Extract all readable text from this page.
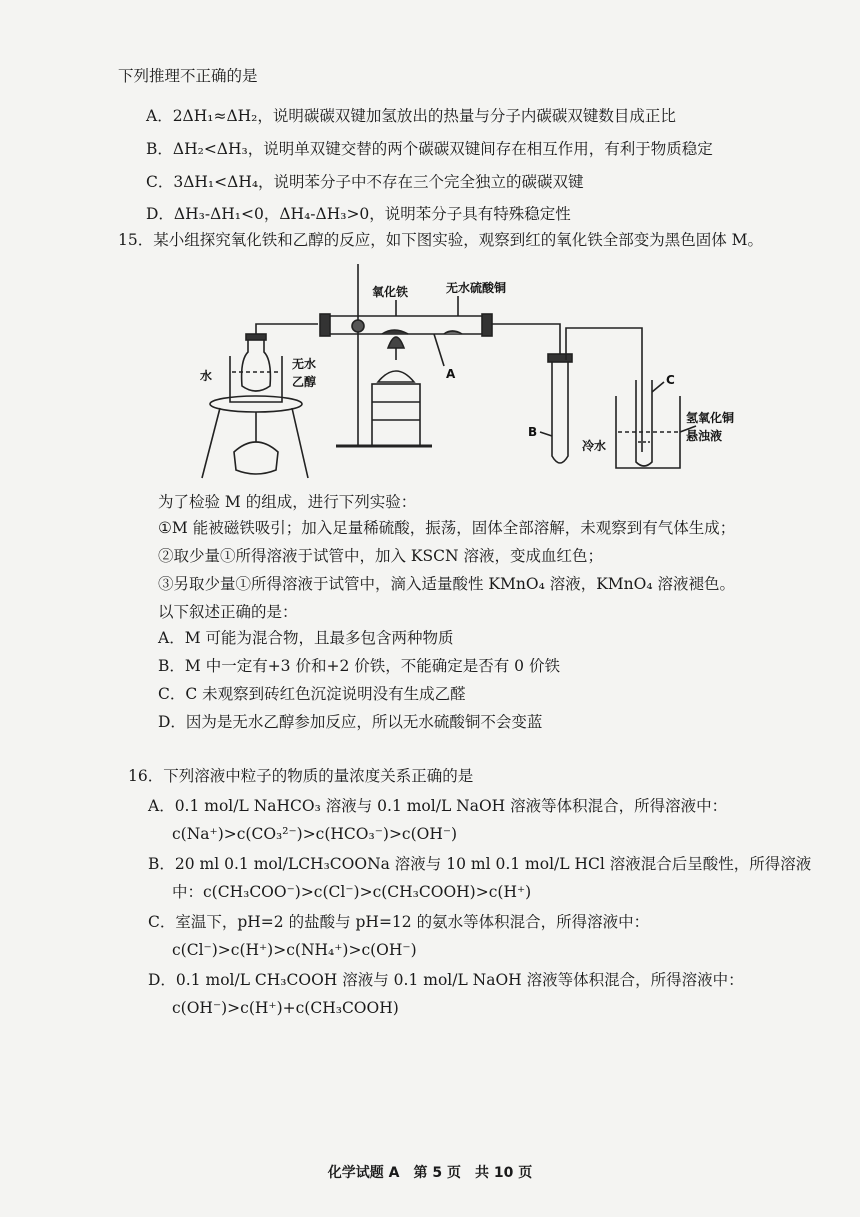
下列推理不正确的是
A．2ΔH₁≈ΔH₂，说明碳碳双键加氢放出的热量与分子内碳碳双键数目成正比
B．ΔH₂<ΔH₃，说明单双键交替的两个碳碳双键间存在相互作用，有利于物质稳定
C．3ΔH₁<ΔH₄，说明苯分子中不存在三个完全独立的碳碳双键
D．ΔH₃-ΔH₁<0，ΔH₄-ΔH₃>0，说明苯分子具有特殊稳定性
15．某小组探究氧化铁和乙醇的反应，如下图实验，观察到红的氧化铁全部变为黑色固体 M。
氧化铁	无水硫酸铜
水
无水
乙醇
A
B
C
冷水
氢氧化铜
悬浊液
为了检验 M 的组成，进行下列实验：
①M 能被磁铁吸引；加入足量稀硫酸，振荡，固体全部溶解，未观察到有气体生成；
②取少量①所得溶液于试管中，加入 KSCN 溶液，变成血红色；
③另取少量①所得溶液于试管中，滴入适量酸性 KMnO₄ 溶液，KMnO₄ 溶液褪色。
以下叙述正确的是：
A．M 可能为混合物，且最多包含两种物质
B．M 中一定有+3 价和+2 价铁，不能确定是否有 0 价铁
C．C 未观察到砖红色沉淀说明没有生成乙醛
D．因为是无水乙醇参加反应，所以无水硫酸铜不会变蓝
16．下列溶液中粒子的物质的量浓度关系正确的是
A．0.1 mol/L NaHCO₃ 溶液与 0.1 mol/L NaOH 溶液等体积混合，所得溶液中：
c(Na⁺)>c(CO₃²⁻)>c(HCO₃⁻)>c(OH⁻)
B．20 ml 0.1 mol/LCH₃COONa 溶液与 10 ml 0.1 mol/L HCl 溶液混合后呈酸性，所得溶液
中：c(CH₃COO⁻)>c(Cl⁻)>c(CH₃COOH)>c(H⁺)
C．室温下，pH=2 的盐酸与 pH=12 的氨水等体积混合，所得溶液中：
c(Cl⁻)>c(H⁺)>c(NH₄⁺)>c(OH⁻)
D．0.1 mol/L CH₃COOH 溶液与 0.1 mol/L NaOH 溶液等体积混合，所得溶液中：
c(OH⁻)>c(H⁺)+c(CH₃COOH)
化学试题 A　第 5 页　共 10 页
